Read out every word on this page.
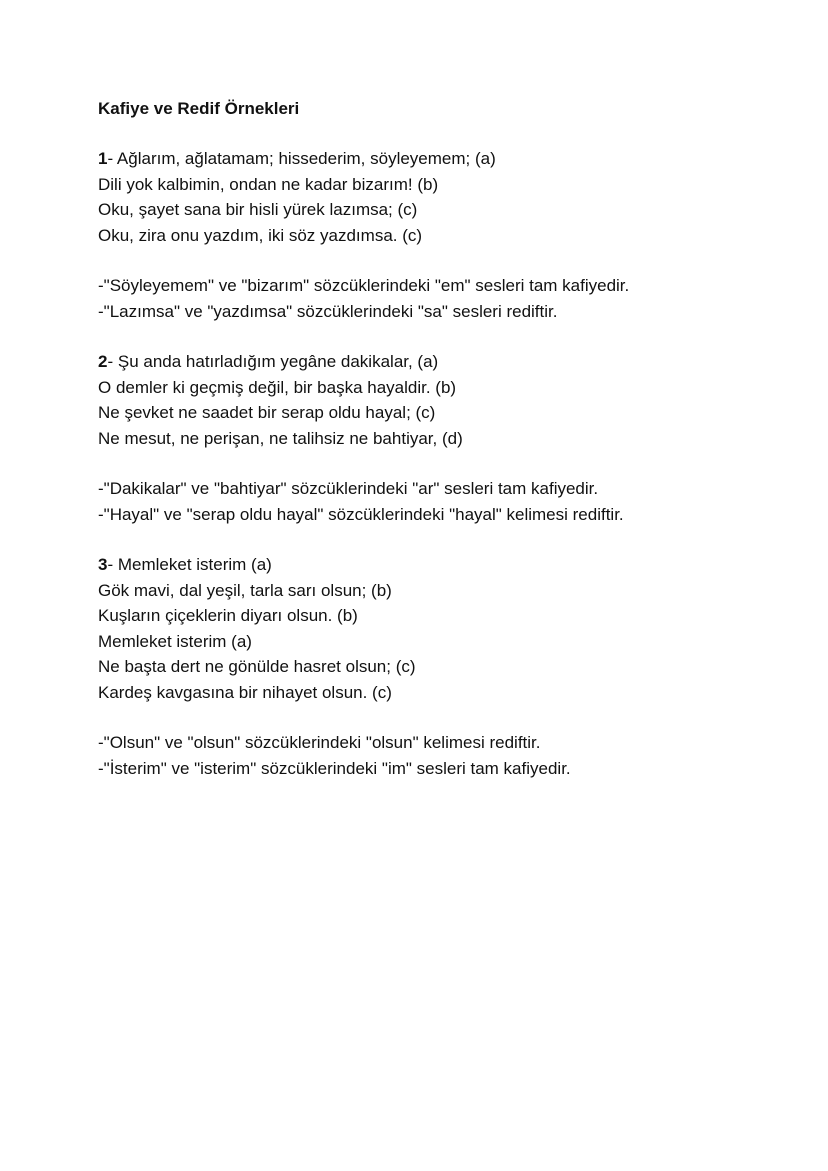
Kafiye ve Redif Örnekleri
1- Ağlarım, ağlatamam; hissederim, söyleyemem; (a)
Dili yok kalbimin, ondan ne kadar bizarım! (b)
Oku, şayet sana bir hisli yürek lazımsa; (c)
Oku, zira onu yazdım, iki söz yazdımsa. (c)
-"Söyleyemem" ve "bizarım" sözcüklerindeki "em" sesleri tam kafiyedir.
-"Lazımsa" ve "yazdımsa" sözcüklerindeki "sa" sesleri rediftir.
2- Şu anda hatırladığım yegâne dakikalar, (a)
O demler ki geçmiş değil, bir başka hayaldir. (b)
Ne şevket ne saadet bir serap oldu hayal; (c)
Ne mesut, ne perişan, ne talihsiz ne bahtiyar, (d)
-"Dakikalar" ve "bahtiyar" sözcüklerindeki "ar" sesleri tam kafiyedir.
-"Hayal" ve "serap oldu hayal" sözcüklerindeki "hayal" kelimesi rediftir.
3- Memleket isterim (a)
Gök mavi, dal yeşil, tarla sarı olsun; (b)
Kuşların çiçeklerin diyarı olsun. (b)
Memleket isterim (a)
Ne başta dert ne gönülde hasret olsun; (c)
Kardeş kavgasına bir nihayet olsun. (c)
-"Olsun" ve "olsun" sözcüklerindeki "olsun" kelimesi rediftir.
-"İsterim" ve "isterim" sözcüklerindeki "im" sesleri tam kafiyedir.
